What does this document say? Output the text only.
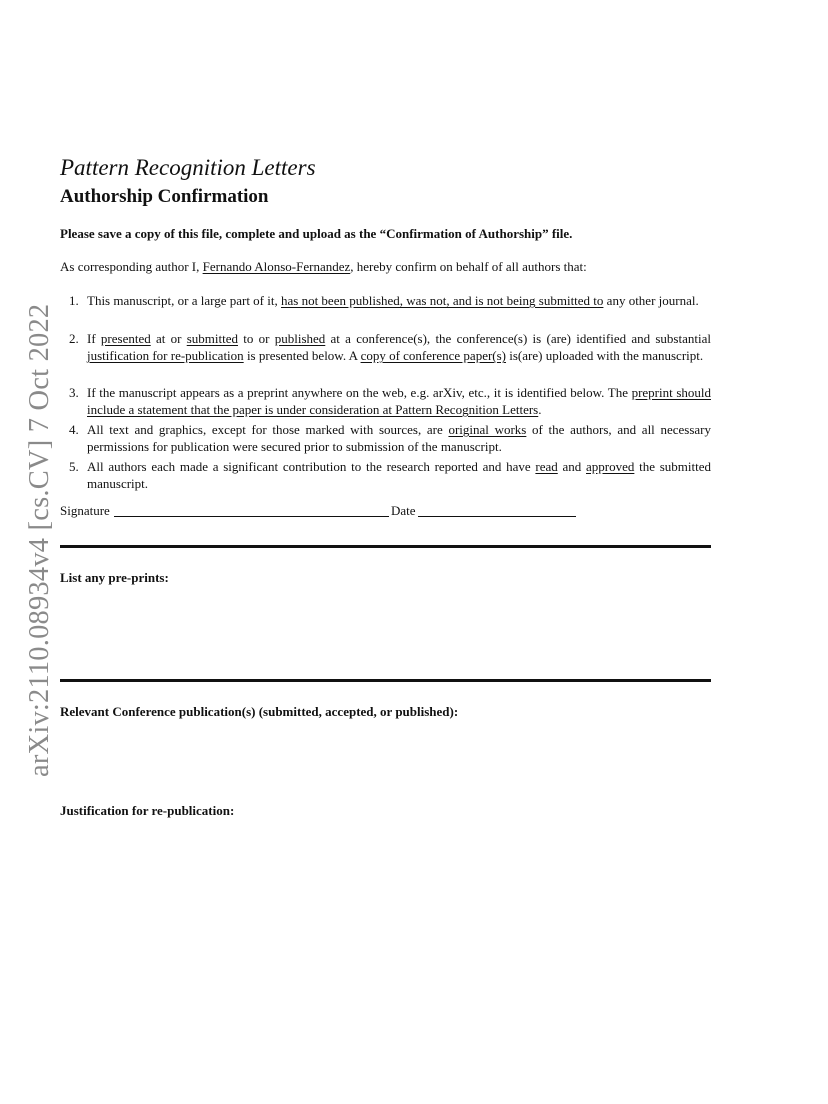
arXiv:2110.08934v4 [cs.CV] 7 Oct 2022
Pattern Recognition Letters
Authorship Confirmation
Please save a copy of this file, complete and upload as the “Confirmation of Authorship” file.
As corresponding author I, Fernando Alonso-Fernandez, hereby confirm on behalf of all authors that:
1. This manuscript, or a large part of it, has not been published, was not, and is not being submitted to any other journal.
2. If presented at or submitted to or published at a conference(s), the conference(s) is (are) identified and substantial justification for re-publication is presented below. A copy of conference paper(s) is(are) uploaded with the manuscript.
3. If the manuscript appears as a preprint anywhere on the web, e.g. arXiv, etc., it is identified below. The preprint should include a statement that the paper is under consideration at Pattern Recognition Letters.
4. All text and graphics, except for those marked with sources, are original works of the authors, and all necessary permissions for publication were secured prior to submission of the manuscript.
5. All authors each made a significant contribution to the research reported and have read and approved the submitted manuscript.
Signature	Date
List any pre-prints:
Relevant Conference publication(s) (submitted, accepted, or published):
Justification for re-publication:
